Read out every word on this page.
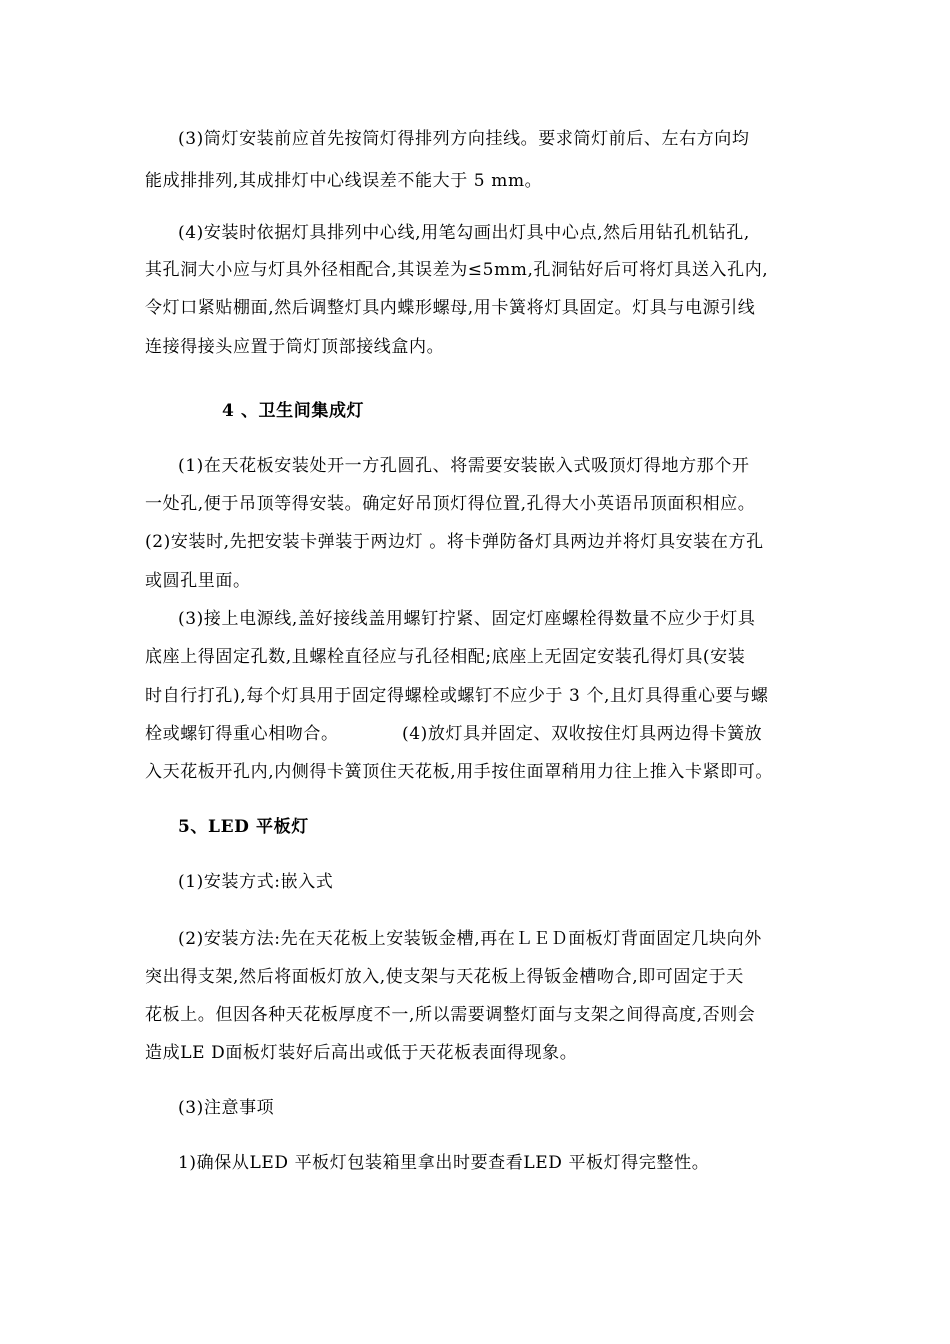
(3)筒灯安装前应首先按筒灯得排列方向挂线。要求筒灯前后、左右方向均
能成排排列,其成排灯中心线误差不能大于 5 mm。
(4)安装时依据灯具排列中心线,用笔勾画出灯具中心点,然后用钻孔机钻孔,
其孔洞大小应与灯具外径相配合,其误差为≤5mm,孔洞钻好后可将灯具送入孔内,
令灯口紧贴棚面,然后调整灯具内蝶形螺母,用卡簧将灯具固定。灯具与电源引线
连接得接头应置于筒灯顶部接线盒内。
4 、卫生间集成灯
(1)在天花板安装处开一方孔圆孔、将需要安装嵌入式吸顶灯得地方那个开
一处孔,便于吊顶等得安装。确定好吊顶灯得位置,孔得大小英语吊顶面积相应。
(2)安装时,先把安装卡弹装于两边灯 。将卡弹防备灯具两边并将灯具安装在方孔
或圆孔里面。
(3)接上电源线,盖好接线盖用螺钉拧紧、固定灯座螺栓得数量不应少于灯具
底座上得固定孔数,且螺栓直径应与孔径相配;底座上无固定安装孔得灯具(安装
时自行打孔),每个灯具用于固定得螺栓或螺钉不应少于 3 个,且灯具得重心要与螺
栓或螺钉得重心相吻合。	(4)放灯具并固定、双收按住灯具两边得卡簧放
入天花板开孔内,内侧得卡簧顶住天花板,用手按住面罩稍用力往上推入卡紧即可。
5、LED 平板灯
(1)安装方式:嵌入式
(2)安装方法:先在天花板上安装钣金槽,再在ＬＥＤ面板灯背面固定几块向外
突出得支架,然后将面板灯放入,使支架与天花板上得钣金槽吻合,即可固定于天
花板上。但因各种天花板厚度不一,所以需要调整灯面与支架之间得高度,否则会
造成LE D面板灯装好后高出或低于天花板表面得现象。
(3)注意事项
1)确保从LED 平板灯包装箱里拿出时要查看LED 平板灯得完整性。
